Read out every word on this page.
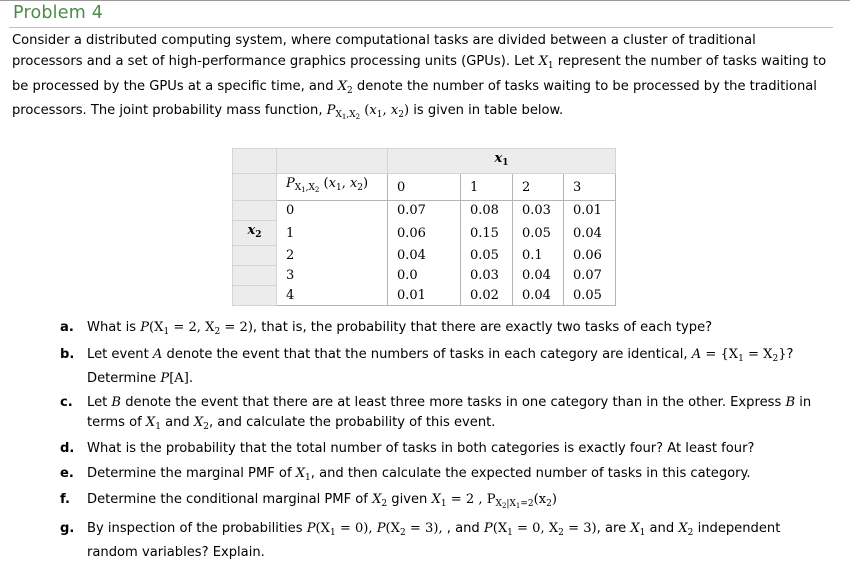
Problem 4
Consider a distributed computing system, where computational tasks are divided between a cluster of traditional processors and a set of high-performance graphics processing units (GPUs). Let $X_1$ represent the number of tasks waiting to be processed by the GPUs at a specific time, and $X_2$ denote the number of tasks waiting to be processed by the traditional processors. The joint probability mass function, $P_{X_1,X_2}$ ($x_1$, $x_2$) is given in table below.
		$x_1$
	$P_{X_1,X_2}$ ($x_1$, $x_2$)	0	1	2	3
	0	0.07	0.08	0.03	0.01
$x_2$	1	0.06	0.15	0.05	0.04
	2	0.04	0.05	0.1	0.06
	3	0.0	0.03	0.04	0.07
	4	0.01	0.02	0.04	0.05
a.	What is $P(X_1 = 2$, $X_2 = 2$), that is, the probability that there are exactly two tasks of each type?
b. Let event A denote the event that that the numbers of tasks in each category are identical, $A = \{X_1 = X_2\}$?
Determine P[A].
c.	Let B denote the event that there are at least three more tasks in one category than in the other. Express B in terms of $X_1$ and $X_2$, and calculate the probability of this event.
d. What is the probability that the total number of tasks in both categories is exactly four? At least four?
e.	Determine the marginal PMF of $X_1$, and then calculate the expected number of tasks in this category.
f.	Determine the conditional marginal PMF of $X_2$ given $X_1 = 2$ , $P_{X_2|X_1=2}(x_2)$
g. By inspection of the probabilities $P(X_1 = 0)$, $P(X_2 = 3)$, , and $P(X_1 = 0$, $X_2 = 3$), are $X_1$ and $X_2$ independent random variables? Explain.
